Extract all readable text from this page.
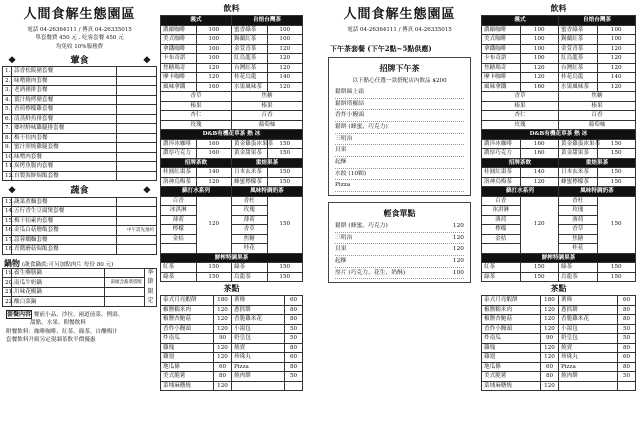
人間食解生態園區
電話 04-26364111 / 傳真 04-26335015
單套餐費 450 元 . 吃客套餐 450 元
均免收 10%服務費
❖	葷食	❖
1.	蒜香松阪豬套餐	
2.	味噌豬肉套餐	
3.	老酒豬排套餐	
4.	薑汁燒烤豬套餐	
5.	香煎檸檬雞套餐	
6.	清蒸鮮魚排套餐	
7.	鄉村鮮味雞腿排套餐	
8.	梅干扣肉套餐	
9.	蜜汁照燒雞腿套餐	
10.	味噌肉套餐	
11.	炭烤魚腹肉套餐	
12.	自製海鮮焗飯套餐	
❖	蔬食	❖
13.	蔬菜煮麵套餐	
14.	五行香生豆腐煲套餐	
15.	梅干扣素肉套餐	
16.	金瓜白菇燴飯套餐	中午需先預約
17.	蒜蓉燜麵套餐	
18.	青醬蘑菇焗飯套餐	
鍋物 (蔬食鍋底:可另加點肉片 每份 80 元)
19.	養生藥膳鍋	
20.	南瓜牛奶鍋	湯頭含蔬菜搭配
21.	川味花椒鍋	
22.	酸白菜鍋	
季
節
限
定
套餐內容 餐前小品、沙拉、兩道前菜、例湯、
甜點、水果、附餐飲料
附餐飲料：咖啡咖啡、紅茶、綠茶、自釀梅汁
套餐飲料升級另定現調茶飲半價優惠
飲料
義式		自焙台灣茶	
濃縮咖啡	100	蜜香綠茶	100
美式咖啡	100	錫蘭紅茶	100
拿鐵咖啡	100	金萱青茶	120
卡布奇諾	100	紅烏龍茶	120
焦糖瑪奇	120	台灣紅茶	120
摩卡咖啡	120	桂花烏龍	140
風味拿鐵	160	水果風味茶	120
香草		焦糖	
榛果		榛果	
杏仁		百香	
玫瑰		葡萄柚	
D&B有機花草茶 熱 冰			
濃淬冰咖啡	160	黃金雞蛋冰果茶	150
濃厚巧克力	160	黃金甜果茶	150
招牌茶飲		重焙果茶	
桂圓紅棗茶	140	日本玄米茶	150
洛神烏梅茶	120	蜂蜜檸檬茶	150
蘇打水系列		風味特調奶茶	
百香	120	香杜	150
冰淇淋		玫瑰	
薄荷		薄荷	
檸檬		香草	
金桔		焦糖	
		桂花	
鮮榨特調果茶			
紅茶	150	綠茶	150
綠茶	150	烏龍茶	150
茶點
泰式月亮蝦餅	180	薯條	60
椒鹽糯米肉	120	蔥抓餅	80
椒鹽杏鮑菇	120	香脆雞米花	80
香炸小饅頭	120	小湯包	50
炸南瓜	90	奶皇包	50
雞塊	120	燒賣	80
雞翅	120	珍珠丸	60
地瓜條	60	Pizza	80
美式脆薯	80	燒肉餅	50
菜埔麻糬燒	120		
人間食解生態園區
電話 04-26364111 / 傳真 04-26335015
下午茶套餐 (下午2點~5點供應)
招牌下午茶
以下點心任選一款搭配店內飲品 $200
鬆餅綿上霜
鬆餅塔羅結
香炸小饅頭
鬆餅 (蜂蜜、巧克力)
三明治
貝果
起酥
水餃 (10顆)
Pizza
輕食單點
鬆餅 (蜂蜜、巧克力)	120
三明治	120
貝果	120
起酥	120
厚片 (巧克力、花生、奶酥)	100
飲料
義式		自焙台灣茶	
濃縮咖啡	100	蜜香綠茶	100
美式咖啡	100	錫蘭紅茶	100
拿鐵咖啡	100	金萱青茶	120
卡布奇諾	100	紅烏龍茶	120
焦糖瑪奇	120	台灣紅茶	120
摩卡咖啡	120	桂花烏龍	140
風味拿鐵	160	水果風味茶	120
香草		焦糖	
榛果		榛果	
杏仁		百香	
玫瑰		葡萄柚	
D&B有機花草茶 熱 冰			
濃淬冰咖啡	160	黃金雞蛋冰果茶	150
濃厚巧克力	160	黃金甜果茶	150
招牌茶飲		重焙果茶	
桂圓紅棗茶	140	日本玄米茶	150
洛神烏梅茶	120	蜂蜜檸檬茶	150
蘇打水系列		風味特調奶茶	
百香	120	香杜	150
冰淇淋		玫瑰	
薄荷		薄荷	
檸檬		香草	
金桔		焦糖	
		桂花	
鮮榨特調果茶			
紅茶	150	綠茶	150
綠茶	150	烏龍茶	150
茶點
泰式月亮蝦餅	180	薯條	60
椒鹽糯米肉	120	蔥抓餅	80
椒鹽杏鮑菇	120	香脆雞米花	80
香炸小饅頭	120	小湯包	50
炸南瓜	90	奶皇包	50
雞塊	120	燒賣	80
雞翅	120	珍珠丸	60
地瓜條	60	Pizza	80
美式脆薯	80	燒肉餅	50
菜埔麻糬燒	120		
